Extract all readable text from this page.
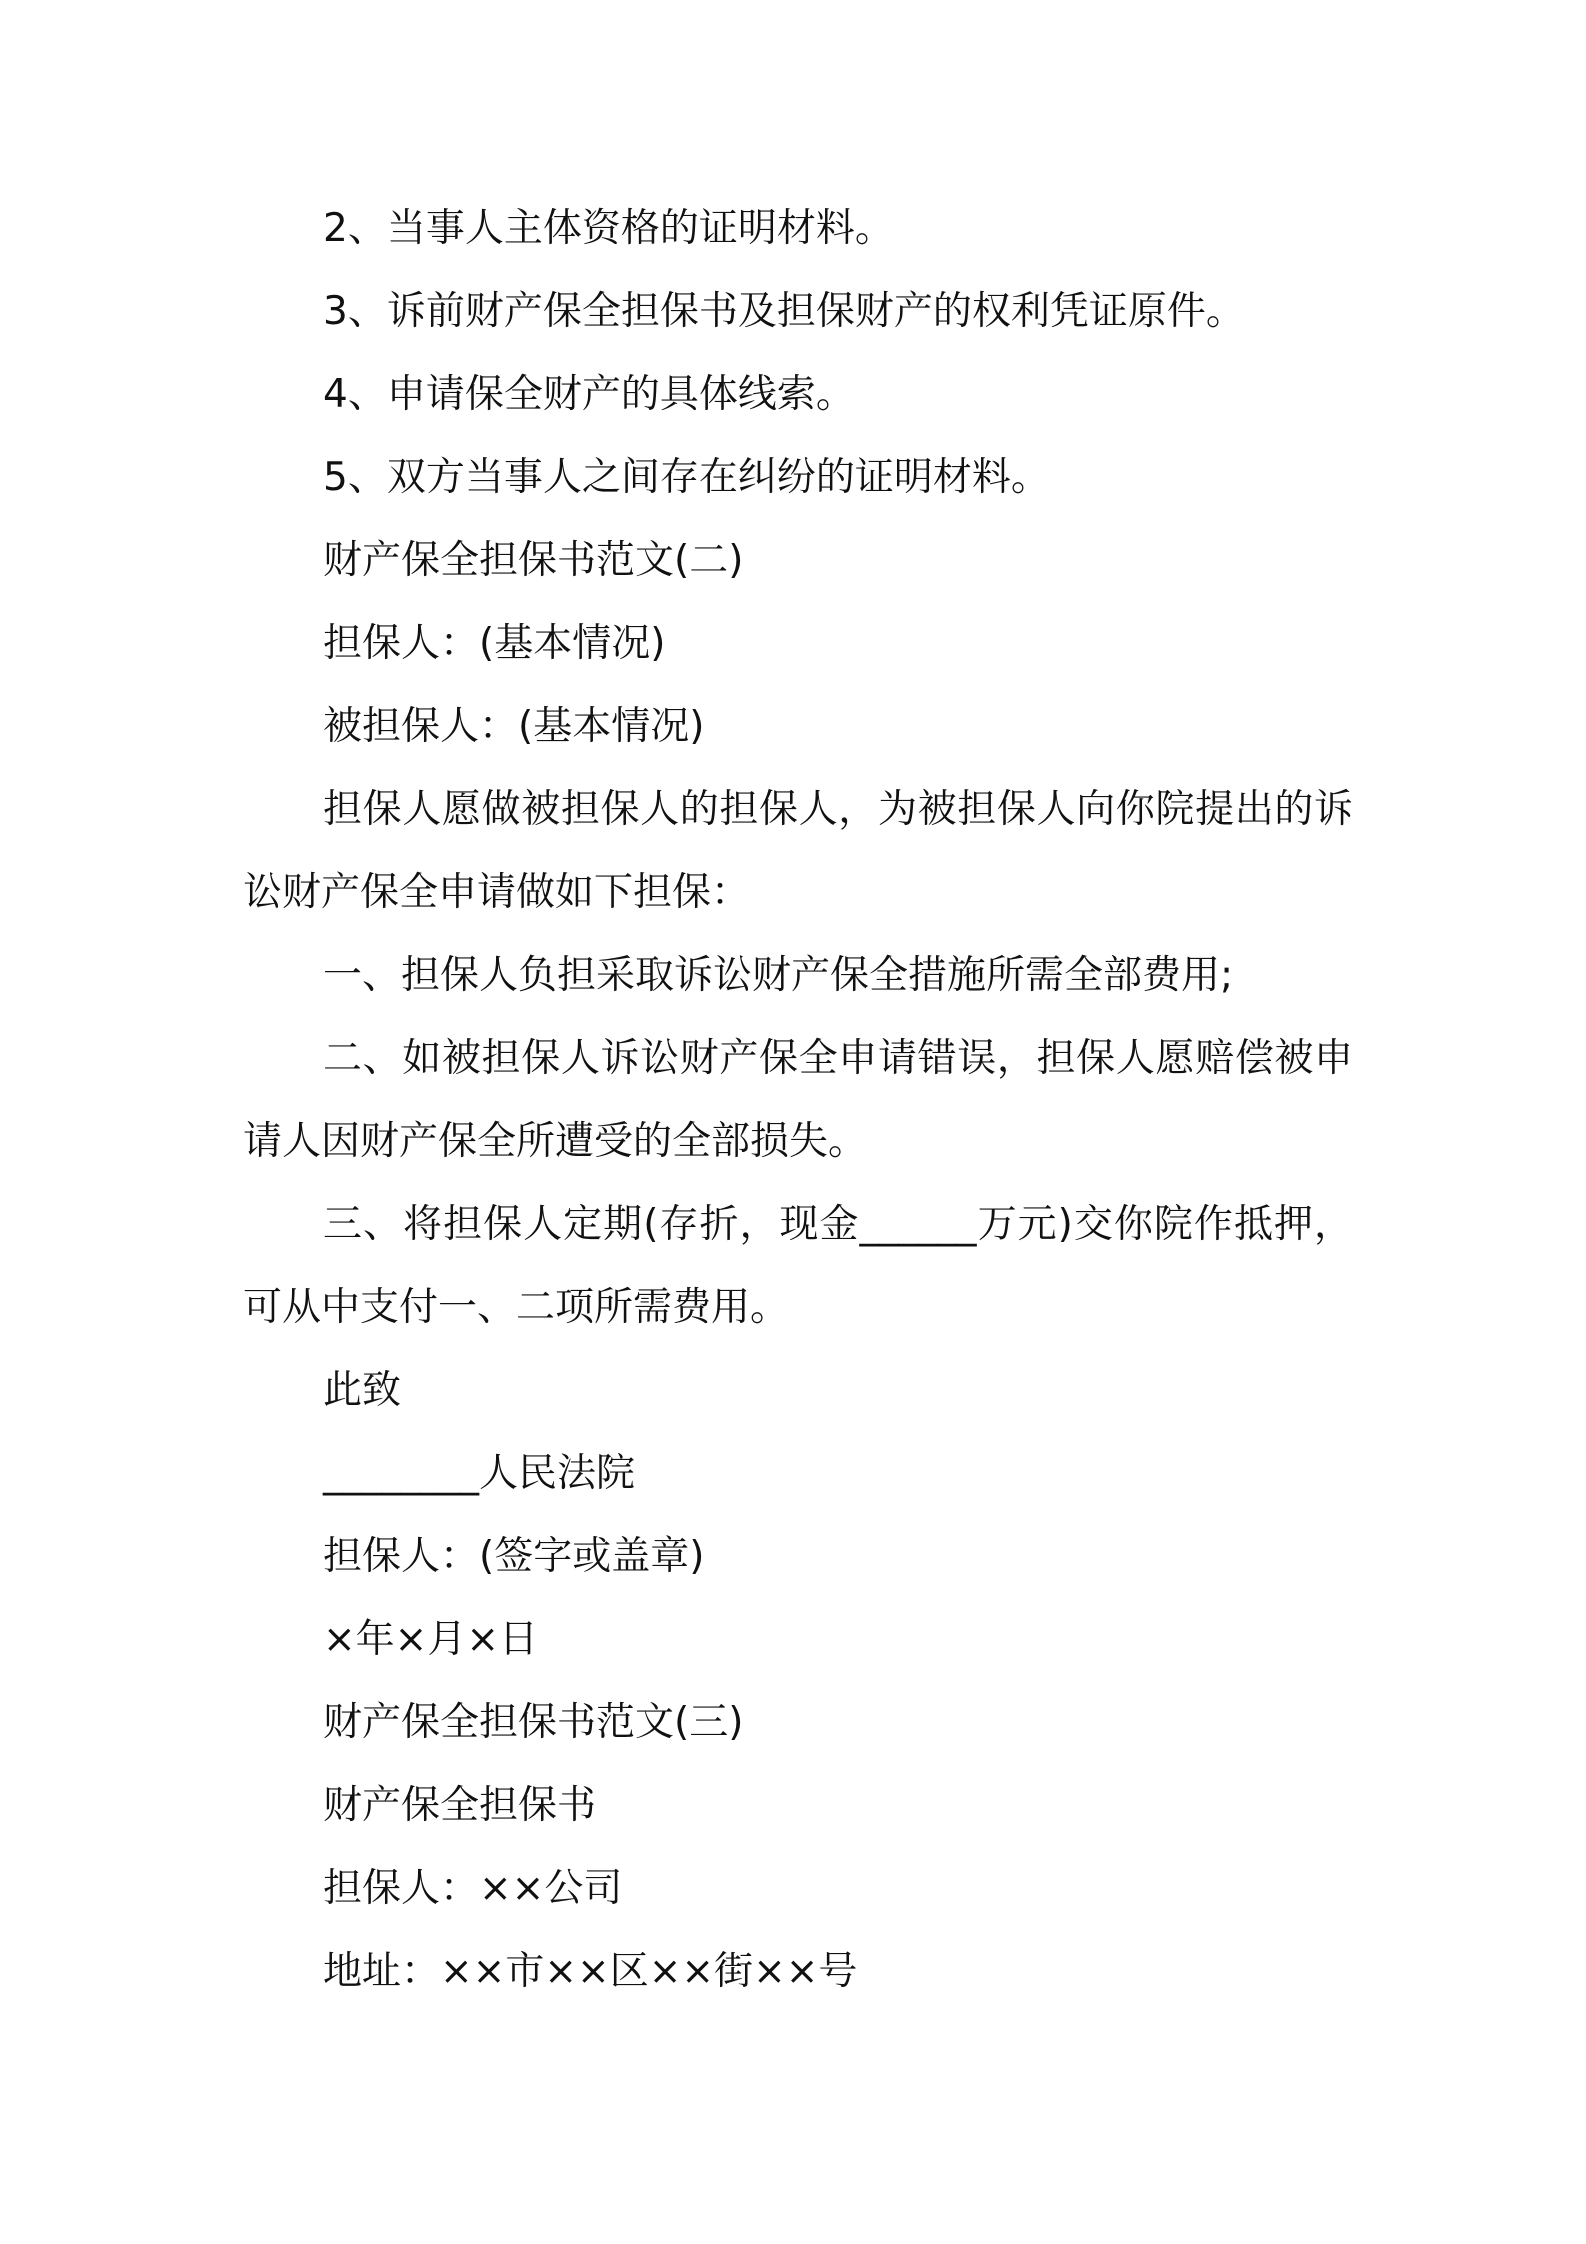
2、当事人主体资格的证明材料。

3、诉前财产保全担保书及担保财产的权利凭证原件。

4、申请保全财产的具体线索。

5、双方当事人之间存在纠纷的证明材料。

财产保全担保书范文(二)

担保人：(基本情况)

被担保人：(基本情况)

担保人愿做被担保人的担保人，为被担保人向你院提出的诉

讼财产保全申请做如下担保：

一、担保人负担采取诉讼财产保全措施所需全部费用;

二、如被担保人诉讼财产保全申请错误，担保人愿赔偿被申

请人因财产保全所遭受的全部损失。

三、将担保人定期(存折，现金______万元)交你院作抵押，

可从中支付一、二项所需费用。

此致

________人民法院

担保人：(签字或盖章)

×年×月×日

财产保全担保书范文(三)

财产保全担保书

担保人：××公司

地址：××市××区××街××号
